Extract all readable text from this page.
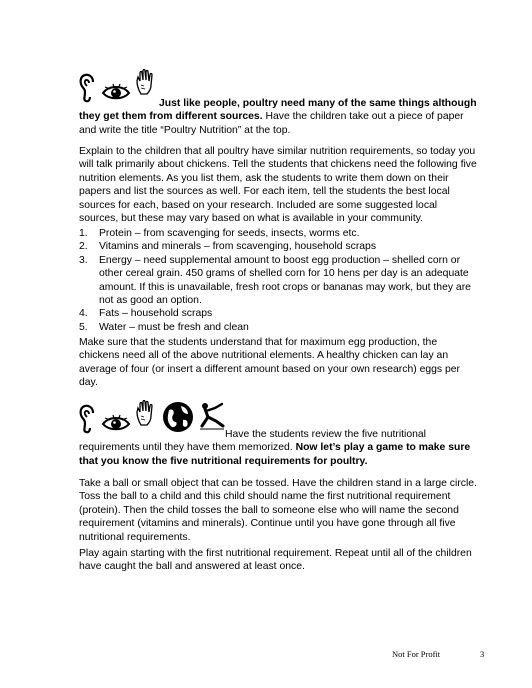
Just like people, poultry need many of the same things although they get them from different sources. Have the children take out a piece of paper and write the title “Poultry Nutrition” at the top.
Explain to the children that all poultry have similar nutrition requirements, so today you will talk primarily about chickens. Tell the students that chickens need the following five nutrition elements. As you list them, ask the students to write them down on their papers and list the sources as well. For each item, tell the students the best local sources for each, based on your research. Included are some suggested local sources, but these may vary based on what is available in your community.
1. Protein – from scavenging for seeds, insects, worms etc.
2. Vitamins and minerals – from scavenging, household scraps
3. Energy – need supplemental amount to boost egg production – shelled corn or other cereal grain. 450 grams of shelled corn for 10 hens per day is an adequate amount. If this is unavailable, fresh root crops or bananas may work, but they are not as good an option.
4. Fats – household scraps
5. Water – must be fresh and clean
Make sure that the students understand that for maximum egg production, the chickens need all of the above nutritional elements. A healthy chicken can lay an average of four (or insert a different amount based on your own research) eggs per day.
Have the students review the five nutritional requirements until they have them memorized. Now let’s play a game to make sure that you know the five nutritional requirements for poultry.
Take a ball or small object that can be tossed. Have the children stand in a large circle. Toss the ball to a child and this child should name the first nutritional requirement (protein). Then the child tosses the ball to someone else who will name the second requirement (vitamins and minerals). Continue until you have gone through all five nutritional requirements.
Play again starting with the first nutritional requirement. Repeat until all of the children have caught the ball and answered at least once.
Not For Profit	3
